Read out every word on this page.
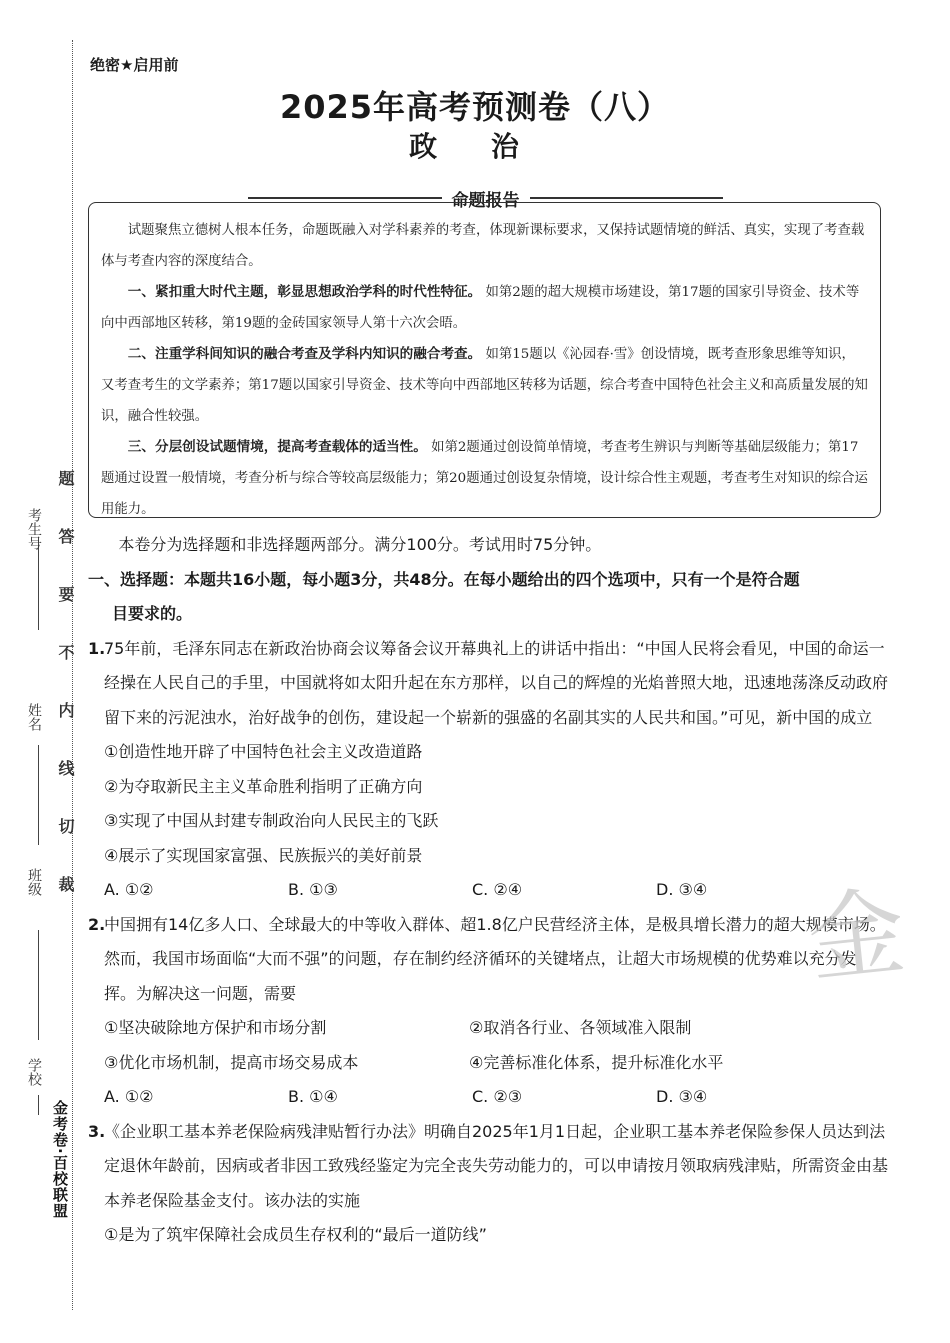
考生号
姓名
班级
学校
题
答
要
不
内
线
切
裁
金考卷·百校联盟
绝密★启用前
2025年高考预测卷（八）
政 治
命题报告

试题聚焦立德树人根本任务，命题既融入对学科素养的考查，体现新课标要求，又保持试题情境的鲜活、真实，实现了考查载体与考查内容的深度结合。

一、紧扣重大时代主题，彰显思想政治学科的时代性特征。 如第2题的超大规模市场建设，第17题的国家引导资金、技术等向中西部地区转移，第19题的金砖国家领导人第十六次会晤。

二、注重学科间知识的融合考查及学科内知识的融合考查。 如第15题以《沁园春·雪》创设情境，既考查形象思维等知识，又考查考生的文学素养；第17题以国家引导资金、技术等向中西部地区转移为话题，综合考查中国特色社会主义和高质量发展的知识，融合性较强。

三、分层创设试题情境，提高考查载体的适当性。 如第2题通过创设简单情境，考查考生辨识与判断等基础层级能力；第17题通过设置一般情境，考查分析与综合等较高层级能力；第20题通过创设复杂情境，设计综合性主观题，考查考生对知识的综合运用能力。

本卷分为选择题和非选择题两部分。满分100分。考试用时75分钟。
一、选择题：本题共16小题，每小题3分，共48分。在每小题给出的四个选项中，只有一个是符合题
目要求的。
1.
75年前，毛泽东同志在新政治协商会议筹备会议开幕典礼上的讲话中指出：“中国人民将会看见，中国的命运一经操在人民自己的手里，中国就将如太阳升起在东方那样，以自己的辉煌的光焰普照大地，迅速地荡涤反动政府留下来的污泥浊水，治好战争的创伤，建设起一个崭新的强盛的名副其实的人民共和国。”可见，新中国的成立
①创造性地开辟了中国特色社会主义改造道路
②为夺取新民主主义革命胜利指明了正确方向
③实现了中国从封建专制政治向人民民主的飞跃
④展示了实现国家富强、民族振兴的美好前景
A. ①②	B. ①③	C. ②④	D. ③④
2.
中国拥有14亿多人口、全球最大的中等收入群体、超1.8亿户民营经济主体，是极具增长潜力的超大规模市场。然而，我国市场面临“大而不强”的问题，存在制约经济循环的关键堵点，让超大市场规模的优势难以充分发挥。为解决这一问题，需要
①坚决破除地方保护和市场分割	②取消各行业、各领域准入限制
③优化市场机制，提高市场交易成本	④完善标准化体系，提升标准化水平
A. ①②	B. ①④	C. ②③	D. ③④
3.
《企业职工基本养老保险病残津贴暂行办法》明确自2025年1月1日起，企业职工基本养老保险参保人员达到法定退休年龄前，因病或者非因工致残经鉴定为完全丧失劳动能力的，可以申请按月领取病残津贴，所需资金由基本养老保险基金支付。该办法的实施
①是为了筑牢保障社会成员生存权利的“最后一道防线”
金
